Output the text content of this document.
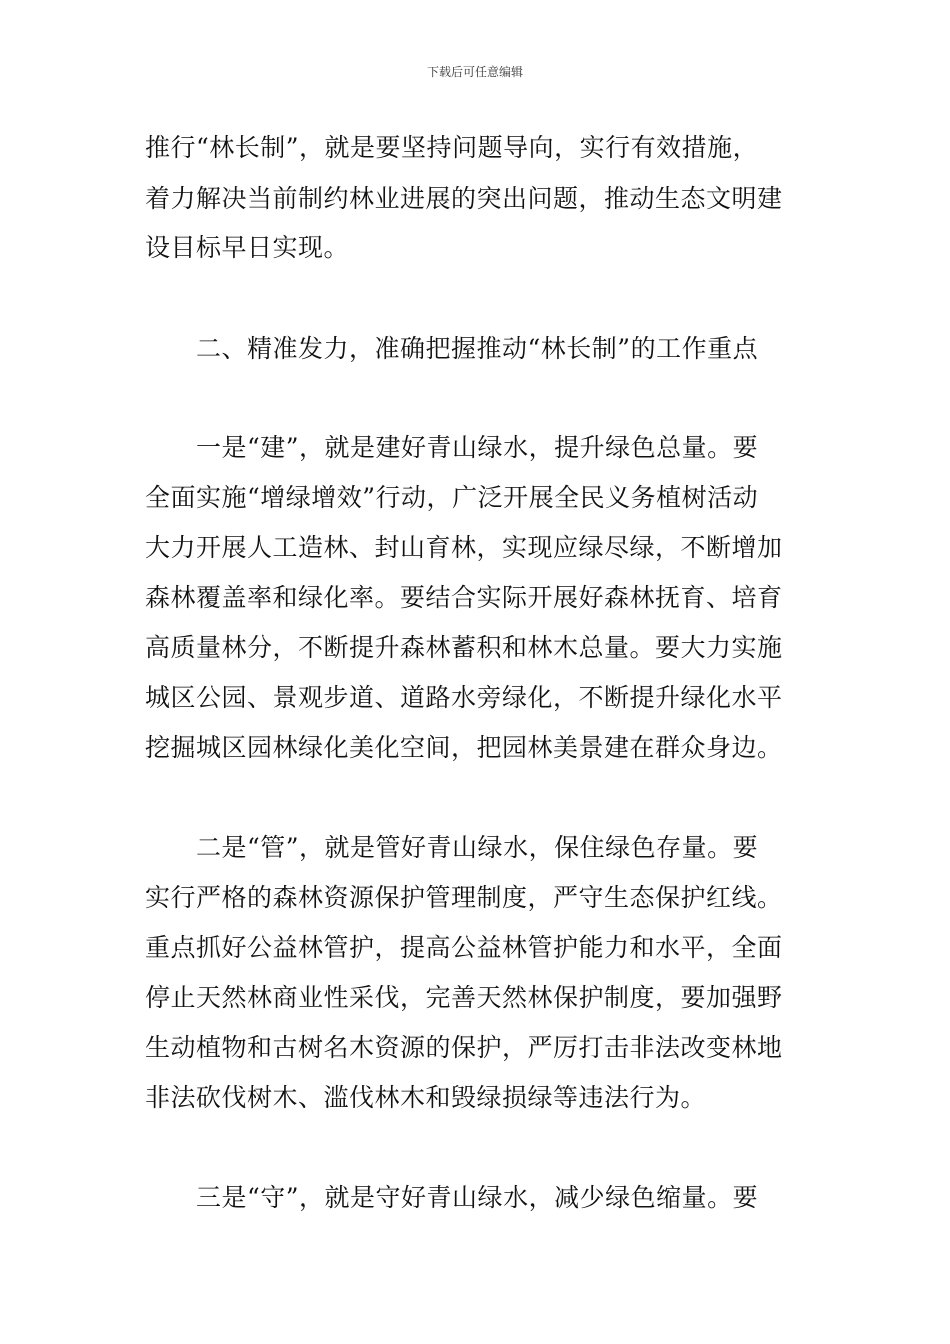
下载后可任意编辑
推行“林长制”，就是要坚持问题导向，实行有效措施，
着力解决当前制约林业进展的突出问题，推动生态文明建
设目标早日实现。
二、精准发力，准确把握推动“林长制”的工作重点
一是“建”，就是建好青山绿水，提升绿色总量。要
全面实施“增绿增效”行动，广泛开展全民义务植树活动
大力开展人工造林、封山育林，实现应绿尽绿，不断增加
森林覆盖率和绿化率。要结合实际开展好森林抚育、培育
高质量林分，不断提升森林蓄积和林木总量。要大力实施
城区公园、景观步道、道路水旁绿化，不断提升绿化水平
挖掘城区园林绿化美化空间，把园林美景建在群众身边。
二是“管”，就是管好青山绿水，保住绿色存量。要
实行严格的森林资源保护管理制度，严守生态保护红线。
重点抓好公益林管护，提高公益林管护能力和水平，全面
停止天然林商业性采伐，完善天然林保护制度，要加强野
生动植物和古树名木资源的保护，严厉打击非法改变林地
非法砍伐树木、滥伐林木和毁绿损绿等违法行为。
三是“守”，就是守好青山绿水，减少绿色缩量。要
